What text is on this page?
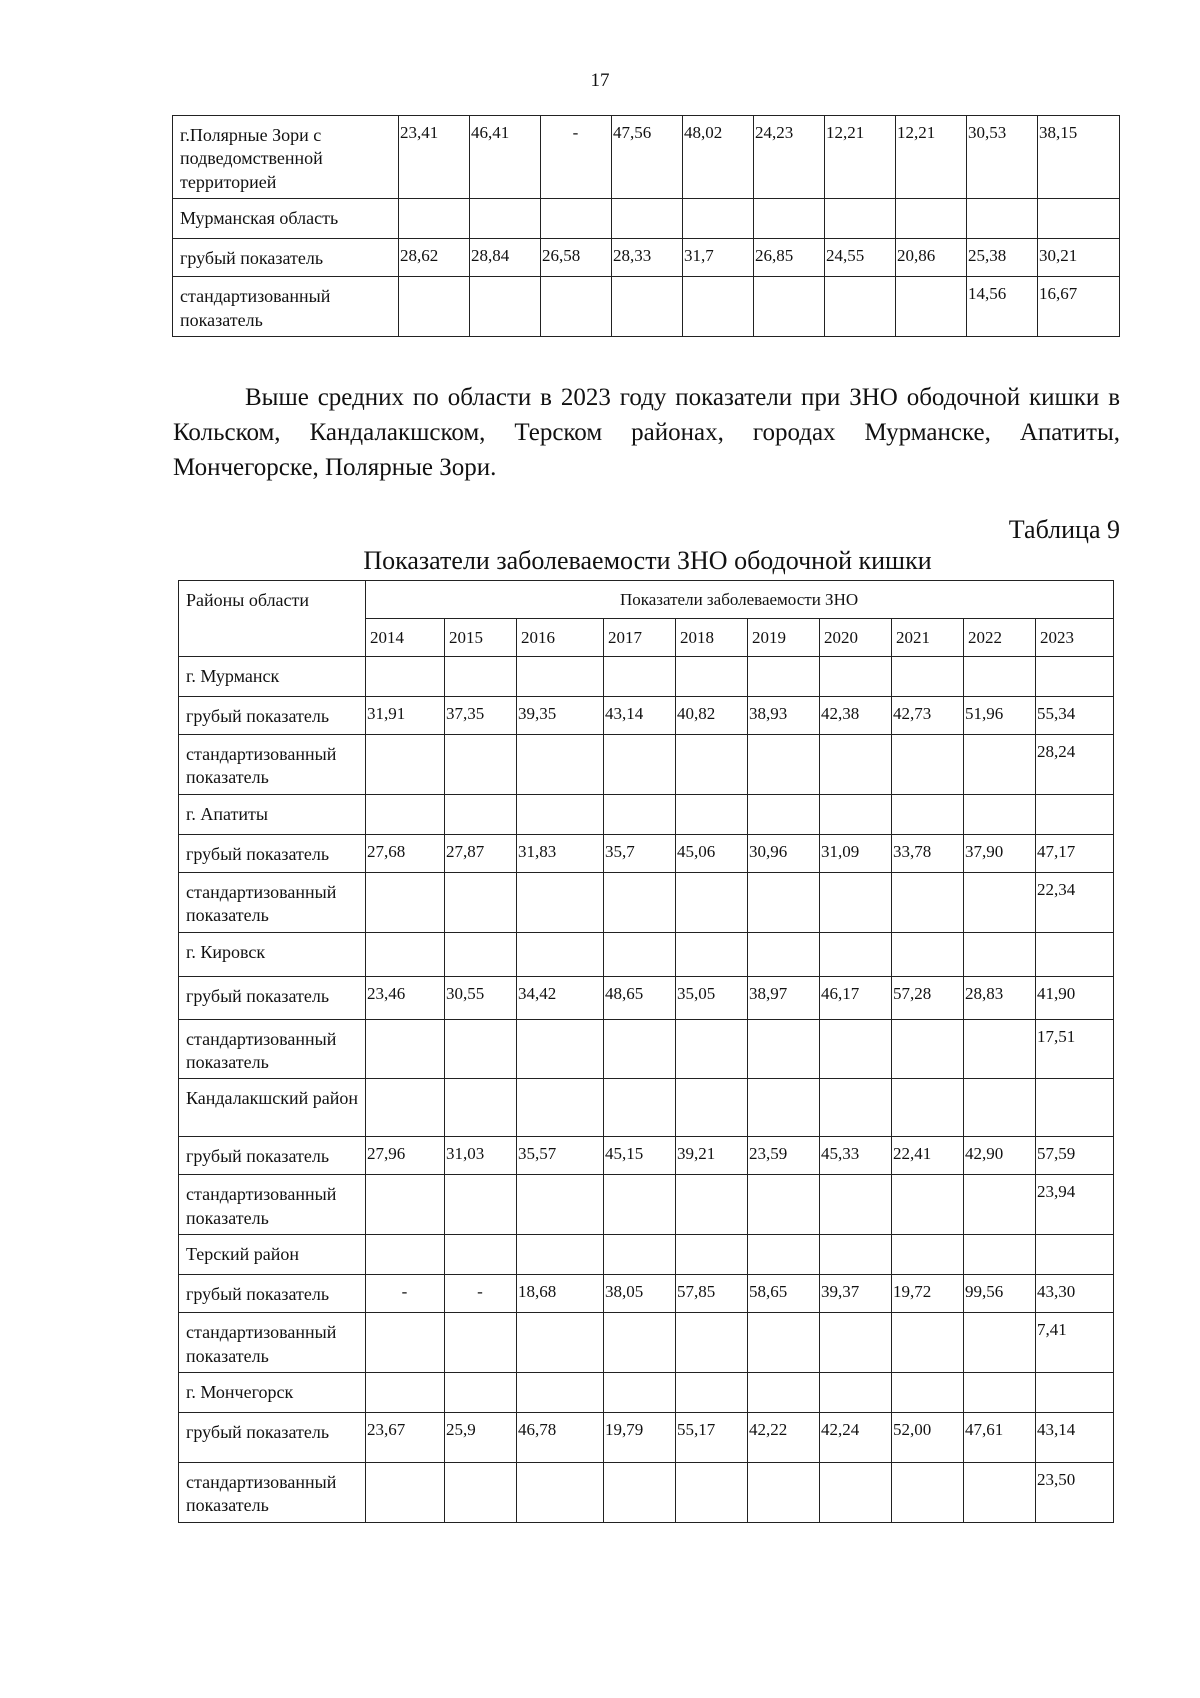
17
г.Полярные Зори с подведомственной территорией	23,41	46,41	-	47,56	48,02	24,23	12,21	12,21	30,53	38,15
Мурманская область										
грубый показатель	28,62	28,84	26,58	28,33	31,7	26,85	24,55	20,86	25,38	30,21
стандартизованный показатель									14,56	16,67
Выше средних по области в 2023 году показатели при ЗНО ободочной кишки в Кольском, Кандалакшском, Терском районах, городах Мурманске, Апатиты, Мончегорске, Полярные Зори.
Таблица 9
Показатели заболеваемости ЗНО ободочной кишки
Районы области	Показатели заболеваемости ЗНО									
	2014	2015	2016	2017	2018	2019	2020	2021	2022	2023
г. Мурманск										
грубый показатель	31,91	37,35	39,35	43,14	40,82	38,93	42,38	42,73	51,96	55,34
стандартизованный показатель										28,24
г. Апатиты										
грубый показатель	27,68	27,87	31,83	35,7	45,06	30,96	31,09	33,78	37,90	47,17
стандартизованный показатель										22,34
г. Кировск										
грубый показатель	23,46	30,55	34,42	48,65	35,05	38,97	46,17	57,28	28,83	41,90
стандартизованный показатель										17,51
Кандалакшский район										
грубый показатель	27,96	31,03	35,57	45,15	39,21	23,59	45,33	22,41	42,90	57,59
стандартизованный показатель										23,94
Терский район										
грубый показатель	-	-	18,68	38,05	57,85	58,65	39,37	19,72	99,56	43,30
стандартизованный показатель										7,41
г. Мончегорск										
грубый показатель	23,67	25,9	46,78	19,79	55,17	42,22	42,24	52,00	47,61	43,14
стандартизованный показатель										23,50
